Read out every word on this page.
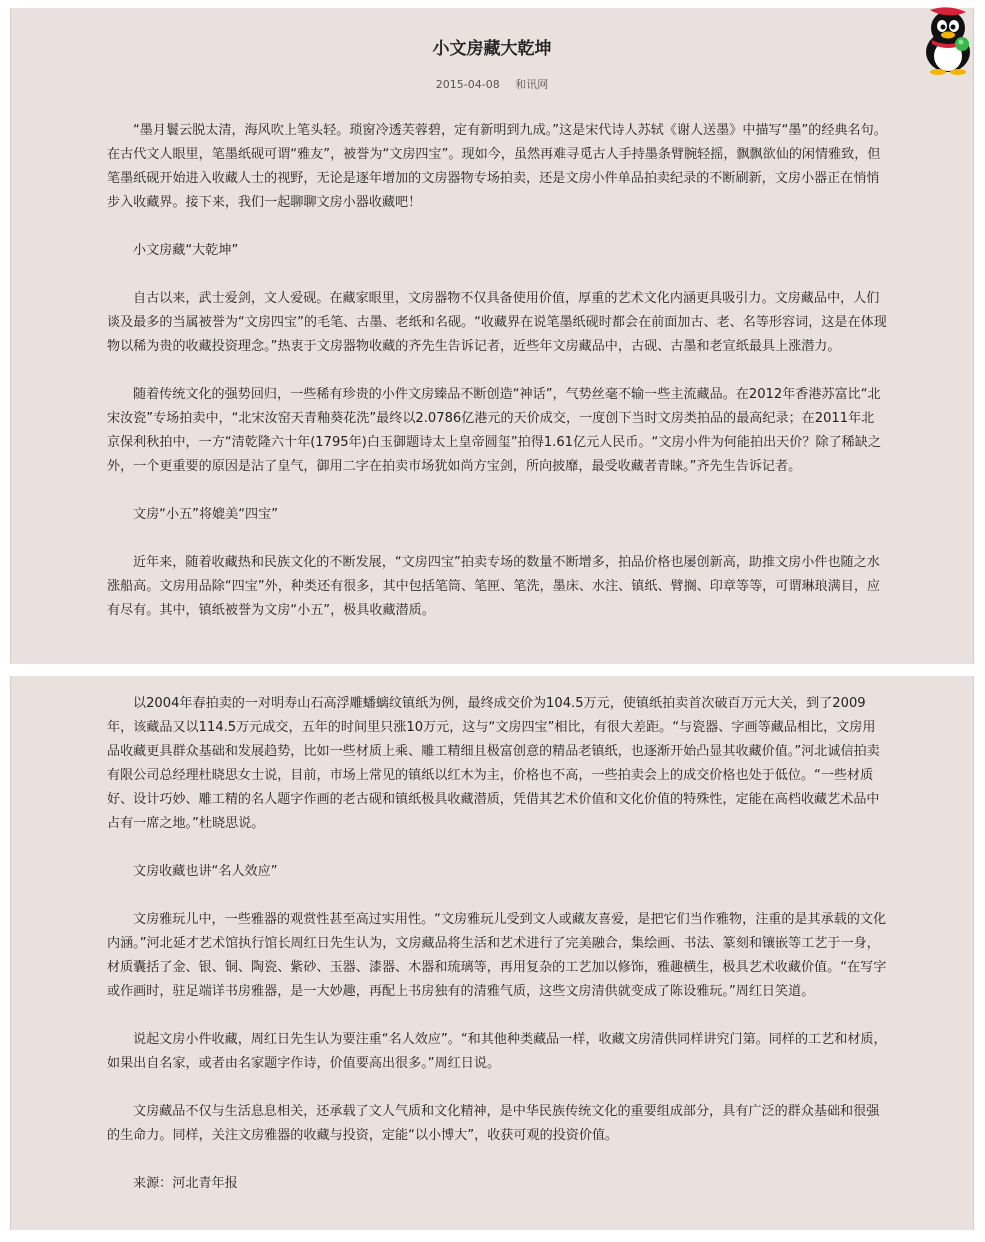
小文房藏大乾坤
2015-04-08 和讯网

“墨月鬟云脱太清，海风吹上笔头轻。琐窗冷透芙蓉碧，定有新明到九成。”这是宋代诗人苏轼《谢人送墨》中描写“墨”的经典名句。在古代文人眼里，笔墨纸砚可谓“雅友”，被誉为“文房四宝”。现如今，虽然再难寻觅古人手持墨条臂腕轻摇，飘飘欲仙的闲情雅致，但笔墨纸砚开始进入收藏人士的视野，无论是逐年增加的文房器物专场拍卖，还是文房小件单品拍卖纪录的不断刷新，文房小器正在悄悄步入收藏界。接下来，我们一起聊聊文房小器收藏吧！

小文房藏“大乾坤”

自古以来，武士爱剑，文人爱砚。在藏家眼里，文房器物不仅具备使用价值，厚重的艺术文化内涵更具吸引力。文房藏品中，人们谈及最多的当属被誉为“文房四宝”的毛笔、古墨、老纸和名砚。“收藏界在说笔墨纸砚时都会在前面加古、老、名等形容词，这是在体现物以稀为贵的收藏投资理念。”热衷于文房器物收藏的齐先生告诉记者，近些年文房藏品中，古砚、古墨和老宣纸最具上涨潜力。

随着传统文化的强势回归，一些稀有珍贵的小件文房臻品不断创造“神话”，气势丝毫不输一些主流藏品。在2012年香港苏富比“北宋汝瓷”专场拍卖中，“北宋汝窑天青釉葵花洗”最终以2.0786亿港元的天价成交，一度创下当时文房类拍品的最高纪录；在2011年北京保利秋拍中，一方“清乾隆六十年(1795年)白玉御题诗太上皇帝圆玺”拍得1.61亿元人民币。“文房小件为何能拍出天价？除了稀缺之外，一个更重要的原因是沾了皇气，御用二字在拍卖市场犹如尚方宝剑，所向披靡，最受收藏者青睐。”齐先生告诉记者。

文房“小五”将媲美“四宝”

近年来，随着收藏热和民族文化的不断发展，“文房四宝”拍卖专场的数量不断增多，拍品价格也屡创新高，助推文房小件也随之水涨船高。文房用品除“四宝”外，种类还有很多，其中包括笔筒、笔匣、笔洗，墨床、水注、镇纸、臂搁、印章等等，可谓琳琅满目，应有尽有。其中，镇纸被誉为文房“小五”，极具收藏潜质。

以2004年春拍卖的一对明寿山石高浮雕蟠螭纹镇纸为例，最终成交价为104.5万元，使镇纸拍卖首次破百万元大关，到了2009年，该藏品又以114.5万元成交，五年的时间里只涨10万元，这与“文房四宝”相比，有很大差距。“与瓷器、字画等藏品相比，文房用品收藏更具群众基础和发展趋势，比如一些材质上乘、雕工精细且极富创意的精品老镇纸，也逐渐开始凸显其收藏价值。”河北诚信拍卖有限公司总经理杜晓思女士说，目前，市场上常见的镇纸以红木为主，价格也不高，一些拍卖会上的成交价格也处于低位。“一些材质好、设计巧妙、雕工精的名人题字作画的老古砚和镇纸极具收藏潜质，凭借其艺术价值和文化价值的特殊性，定能在高档收藏艺术品中占有一席之地。”杜晓思说。

文房收藏也讲“名人效应”

文房雅玩儿中，一些雅器的观赏性甚至高过实用性。“文房雅玩儿受到文人或藏友喜爱，是把它们当作雅物，注重的是其承载的文化内涵。”河北延才艺术馆执行馆长周红日先生认为，文房藏品将生活和艺术进行了完美融合，集绘画、书法、篆刻和镶嵌等工艺于一身，材质囊括了金、银、铜、陶瓷、紫砂、玉器、漆器、木器和琉璃等，再用复杂的工艺加以修饰，雅趣横生，极具艺术收藏价值。“在写字或作画时，驻足端详书房雅器，是一大妙趣，再配上书房独有的清雅气质，这些文房清供就变成了陈设雅玩。”周红日笑道。

说起文房小件收藏，周红日先生认为要注重“名人效应”。“和其他种类藏品一样，收藏文房清供同样讲究门第。同样的工艺和材质，如果出自名家，或者由名家题字作诗，价值要高出很多。”周红日说。

文房藏品不仅与生活息息相关，还承载了文人气质和文化精神，是中华民族传统文化的重要组成部分，具有广泛的群众基础和很强的生命力。同样，关注文房雅器的收藏与投资，定能“以小博大”，收获可观的投资价值。

来源：河北青年报
